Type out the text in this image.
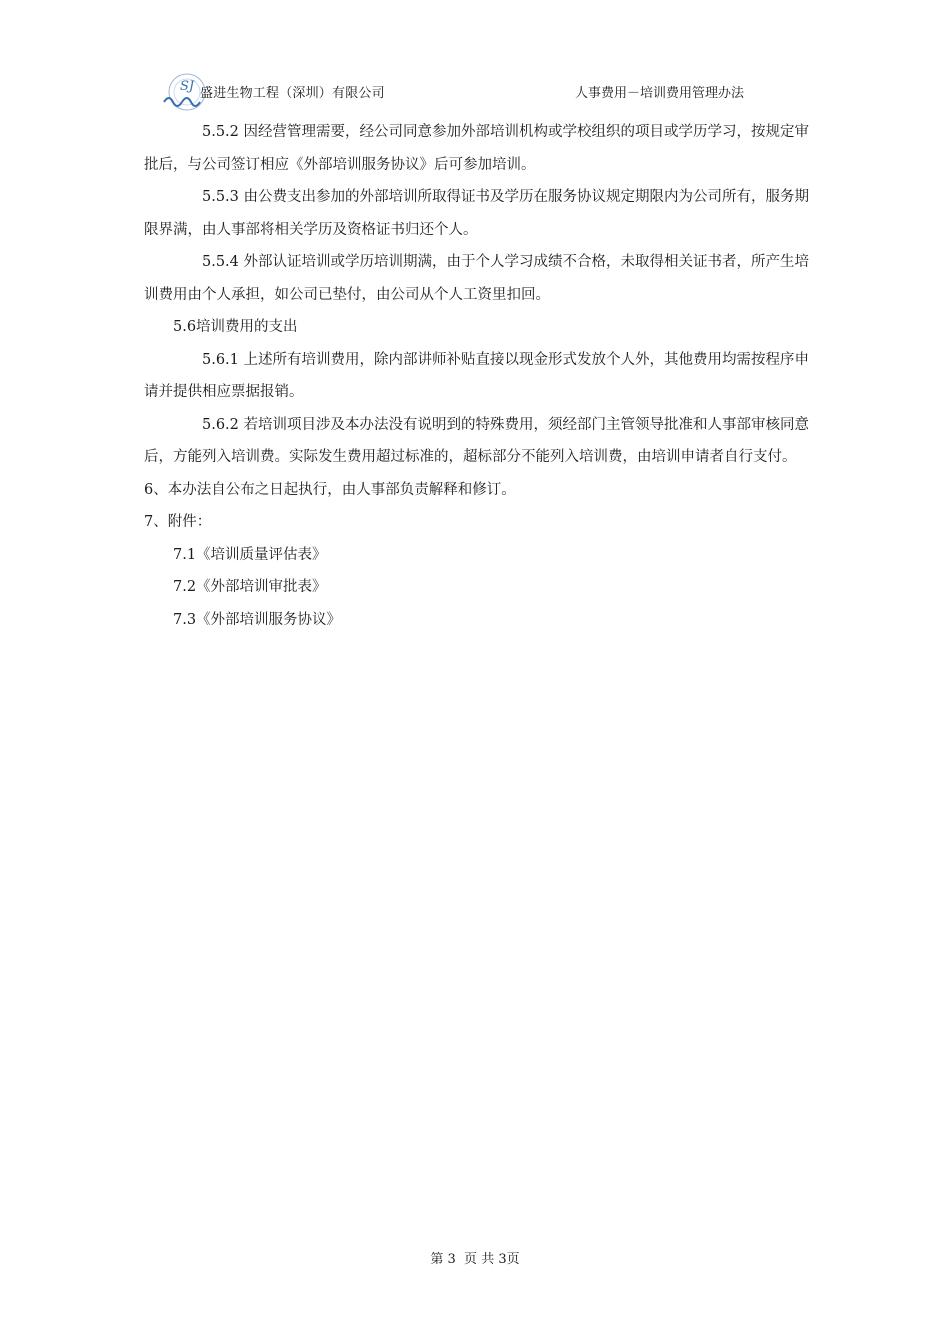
SJ 盛进生物工程（深圳）有限公司	人事费用－培训费用管理办法

5.5.2 因经营管理需要，经公司同意参加外部培训机构或学校组织的项目或学历学习，按规定审批后，与公司签订相应《外部培训服务协议》后可参加培训。

5.5.3 由公费支出参加的外部培训所取得证书及学历在服务协议规定期限内为公司所有，服务期限界满，由人事部将相关学历及资格证书归还个人。

5.5.4 外部认证培训或学历培训期满，由于个人学习成绩不合格，未取得相关证书者，所产生培训费用由个人承担，如公司已垫付，由公司从个人工资里扣回。

5.6培训费用的支出

5.6.1 上述所有培训费用，除内部讲师补贴直接以现金形式发放个人外，其他费用均需按程序申请并提供相应票据报销。

5.6.2 若培训项目涉及本办法没有说明到的特殊费用，须经部门主管领导批准和人事部审核同意后，方能列入培训费。实际发生费用超过标准的，超标部分不能列入培训费，由培训申请者自行支付。

6、本办法自公布之日起执行，由人事部负责解释和修订。

7、附件：

7.1《培训质量评估表》

7.2《外部培训审批表》

7.3《外部培训服务协议》

第 3  页 共 3页
